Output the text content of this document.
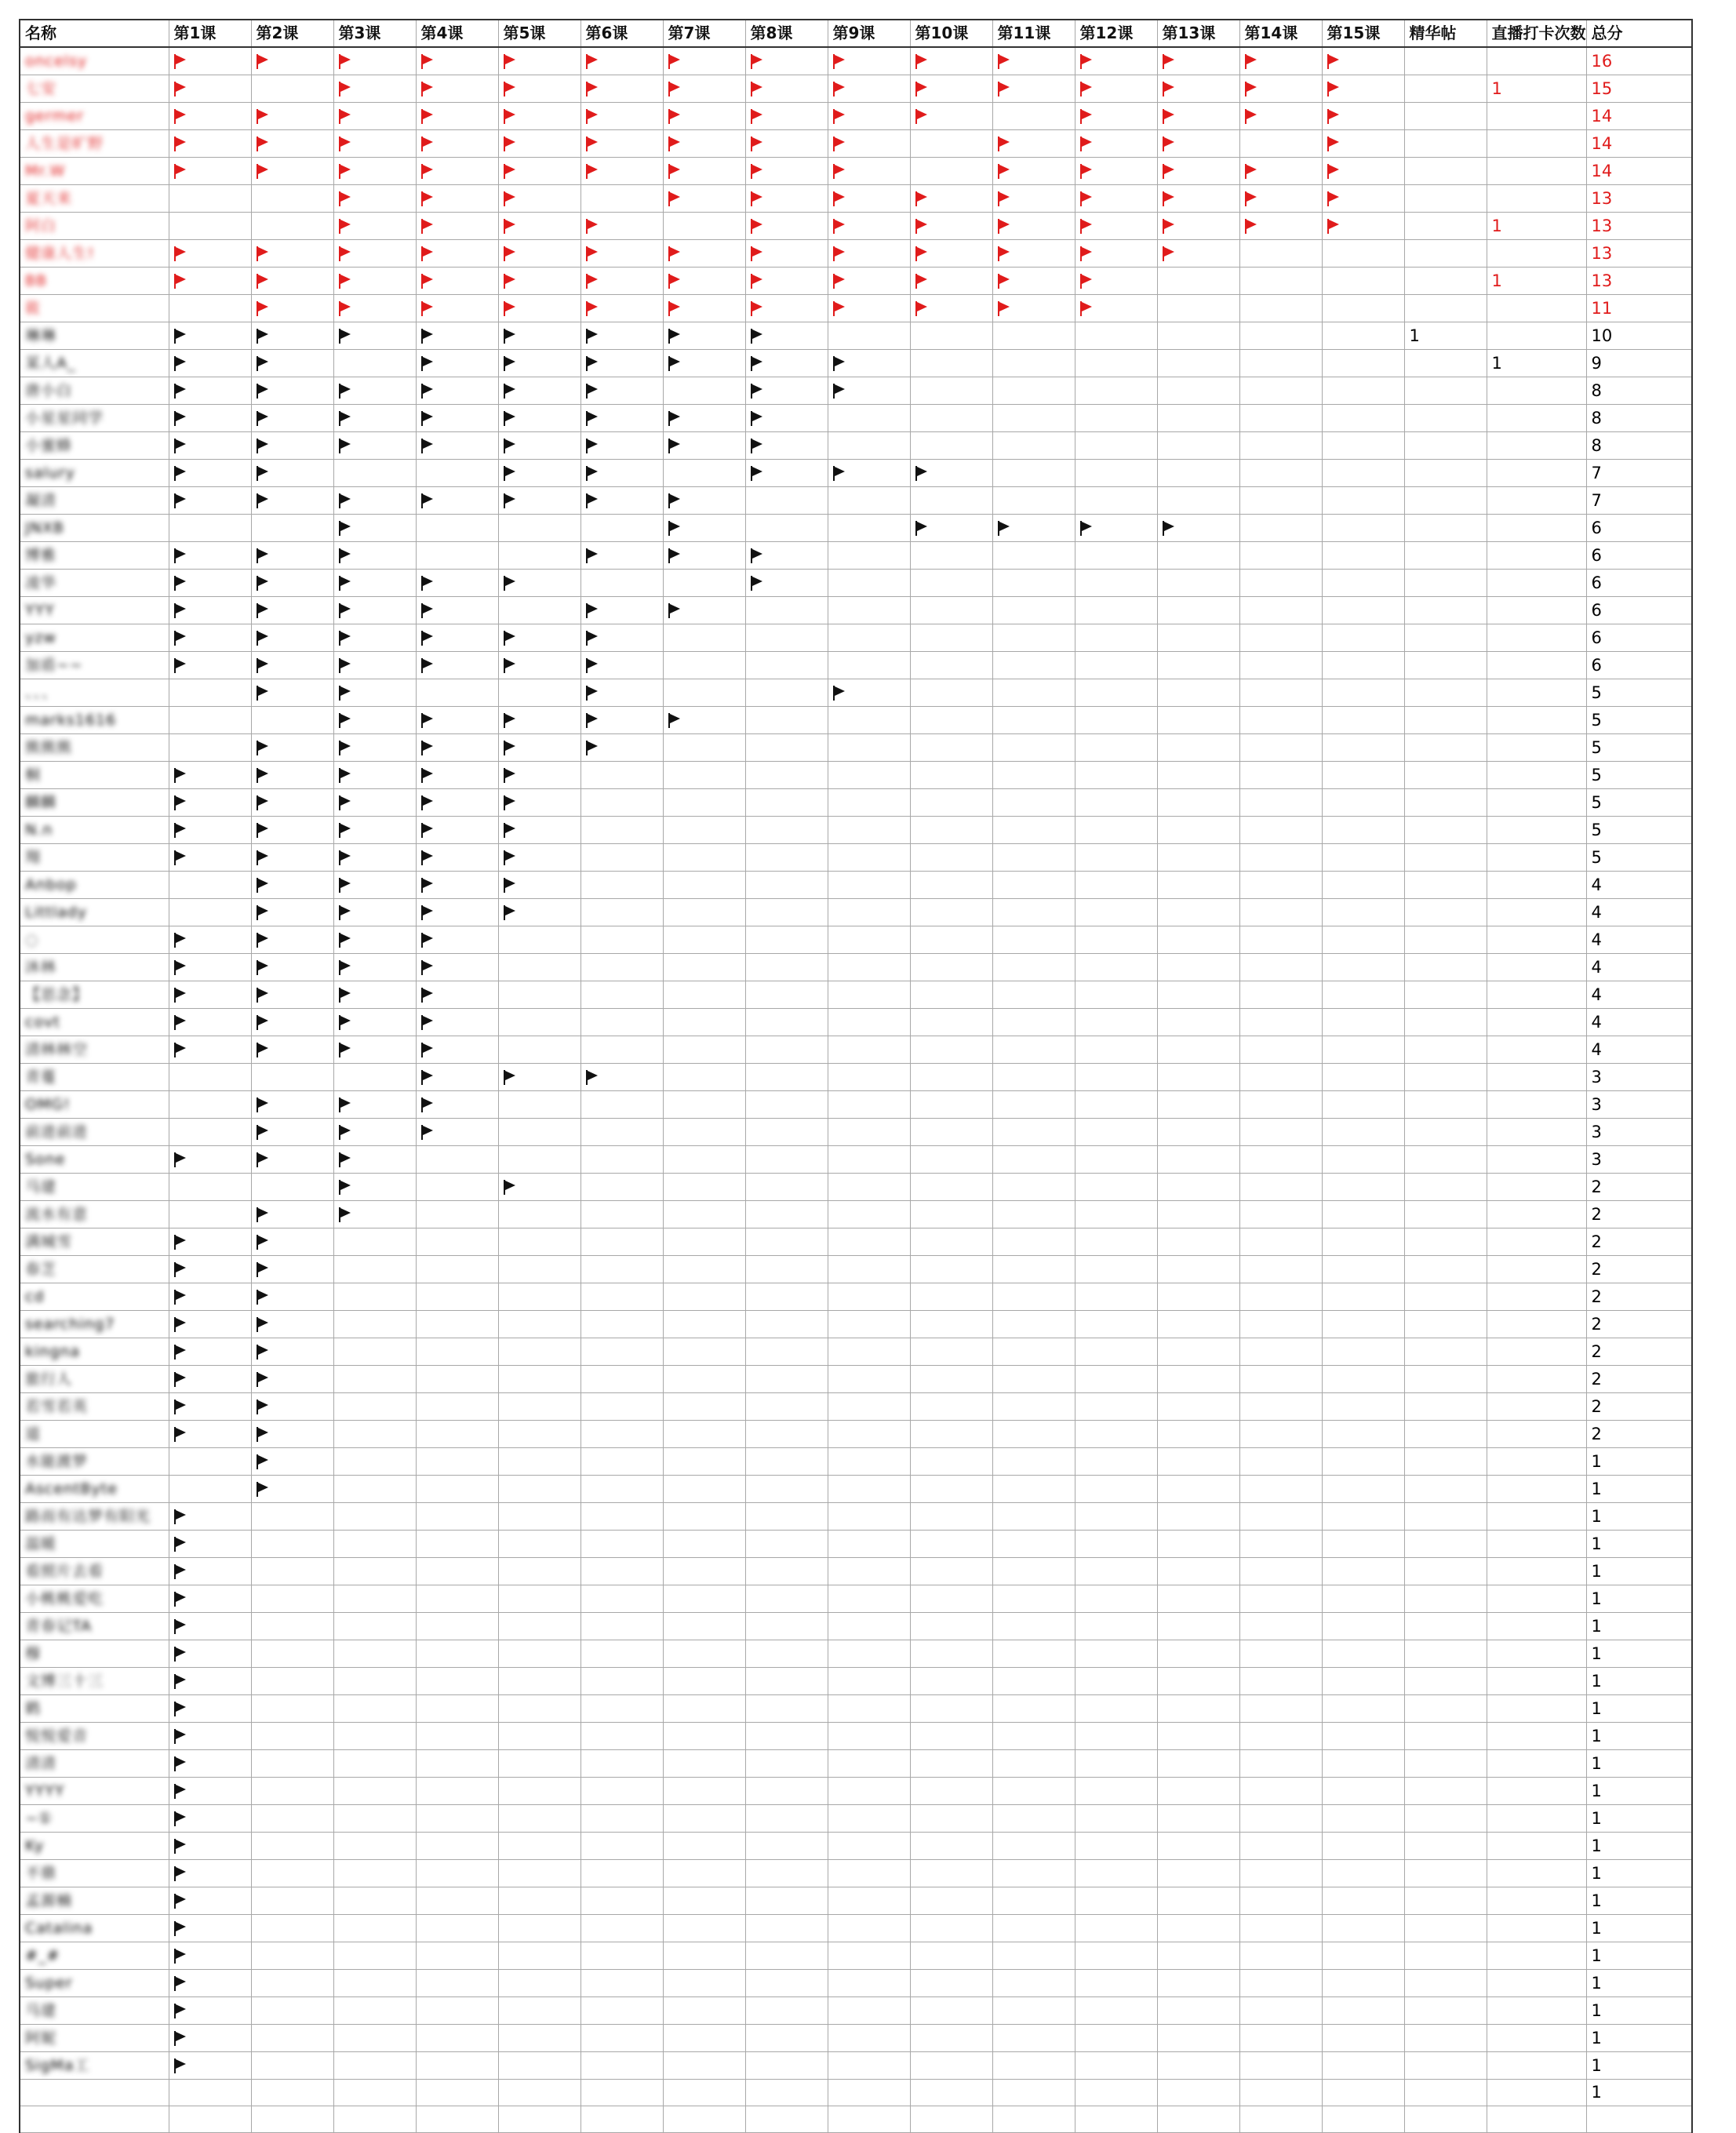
名称	第1课	第2课	第3课	第4课	第5课	第6课	第7课	第8课	第9课	第10课	第11课	第12课	第13课	第14课	第15课	精华帖	直播打卡次数	总分
oncelsy																		16
七安																	1	15
germer																		14
人生是旷野																		14
Mr.W																		14
夏天来																		13
阿白																	1	13
健康人生!																		13
BB																	1	13
筱																		11
琳琳																1		10
某人A_																	1	9
唐小白																		8
小星星同学																		8
小蜜蜂																		8
salury																		7
凝清																		7
JNXB																		6
博雅																		6
凌华																		6
YYY																		6
yzw																		6
加盾~~																		6
、、、																		5
marks1616																		5
熊熊熊																		5
桐																		5
麟麟																		5
N.n																		5
翔																		5
Anbop																		4
Littlady																		4
◌																		4
沐林																		4
【思念】																		4
covt																		4
清林林空																		4
青蔓																		3
OMG!																		3
前进前进																		3
Sone																		3
马建																		2
流水有意																		2
满城雪																		2
春芝																		2
cd																		2
searching7																		2
kingna																		2
旅行人																		2
若雪若英																		2
道																		2
水能渡梦																		1
AscentByte																		1
路而有达梦有阳光																		1
温暖																		1
看照片去看																		1
小桃桃爱吃																		1
青春记TA																		1
穆																		1
文博三十三																		1
鹤																		1
悦悦爱音																		1
清清																		1
YYYY																		1
~①																		1
Ky																		1
不鼎																		1
孟源楠																		1
Catalina																		1
#_#																		1
Super																		1
马建																		1
阿妮																		1
SigMa工																		1
																		1
